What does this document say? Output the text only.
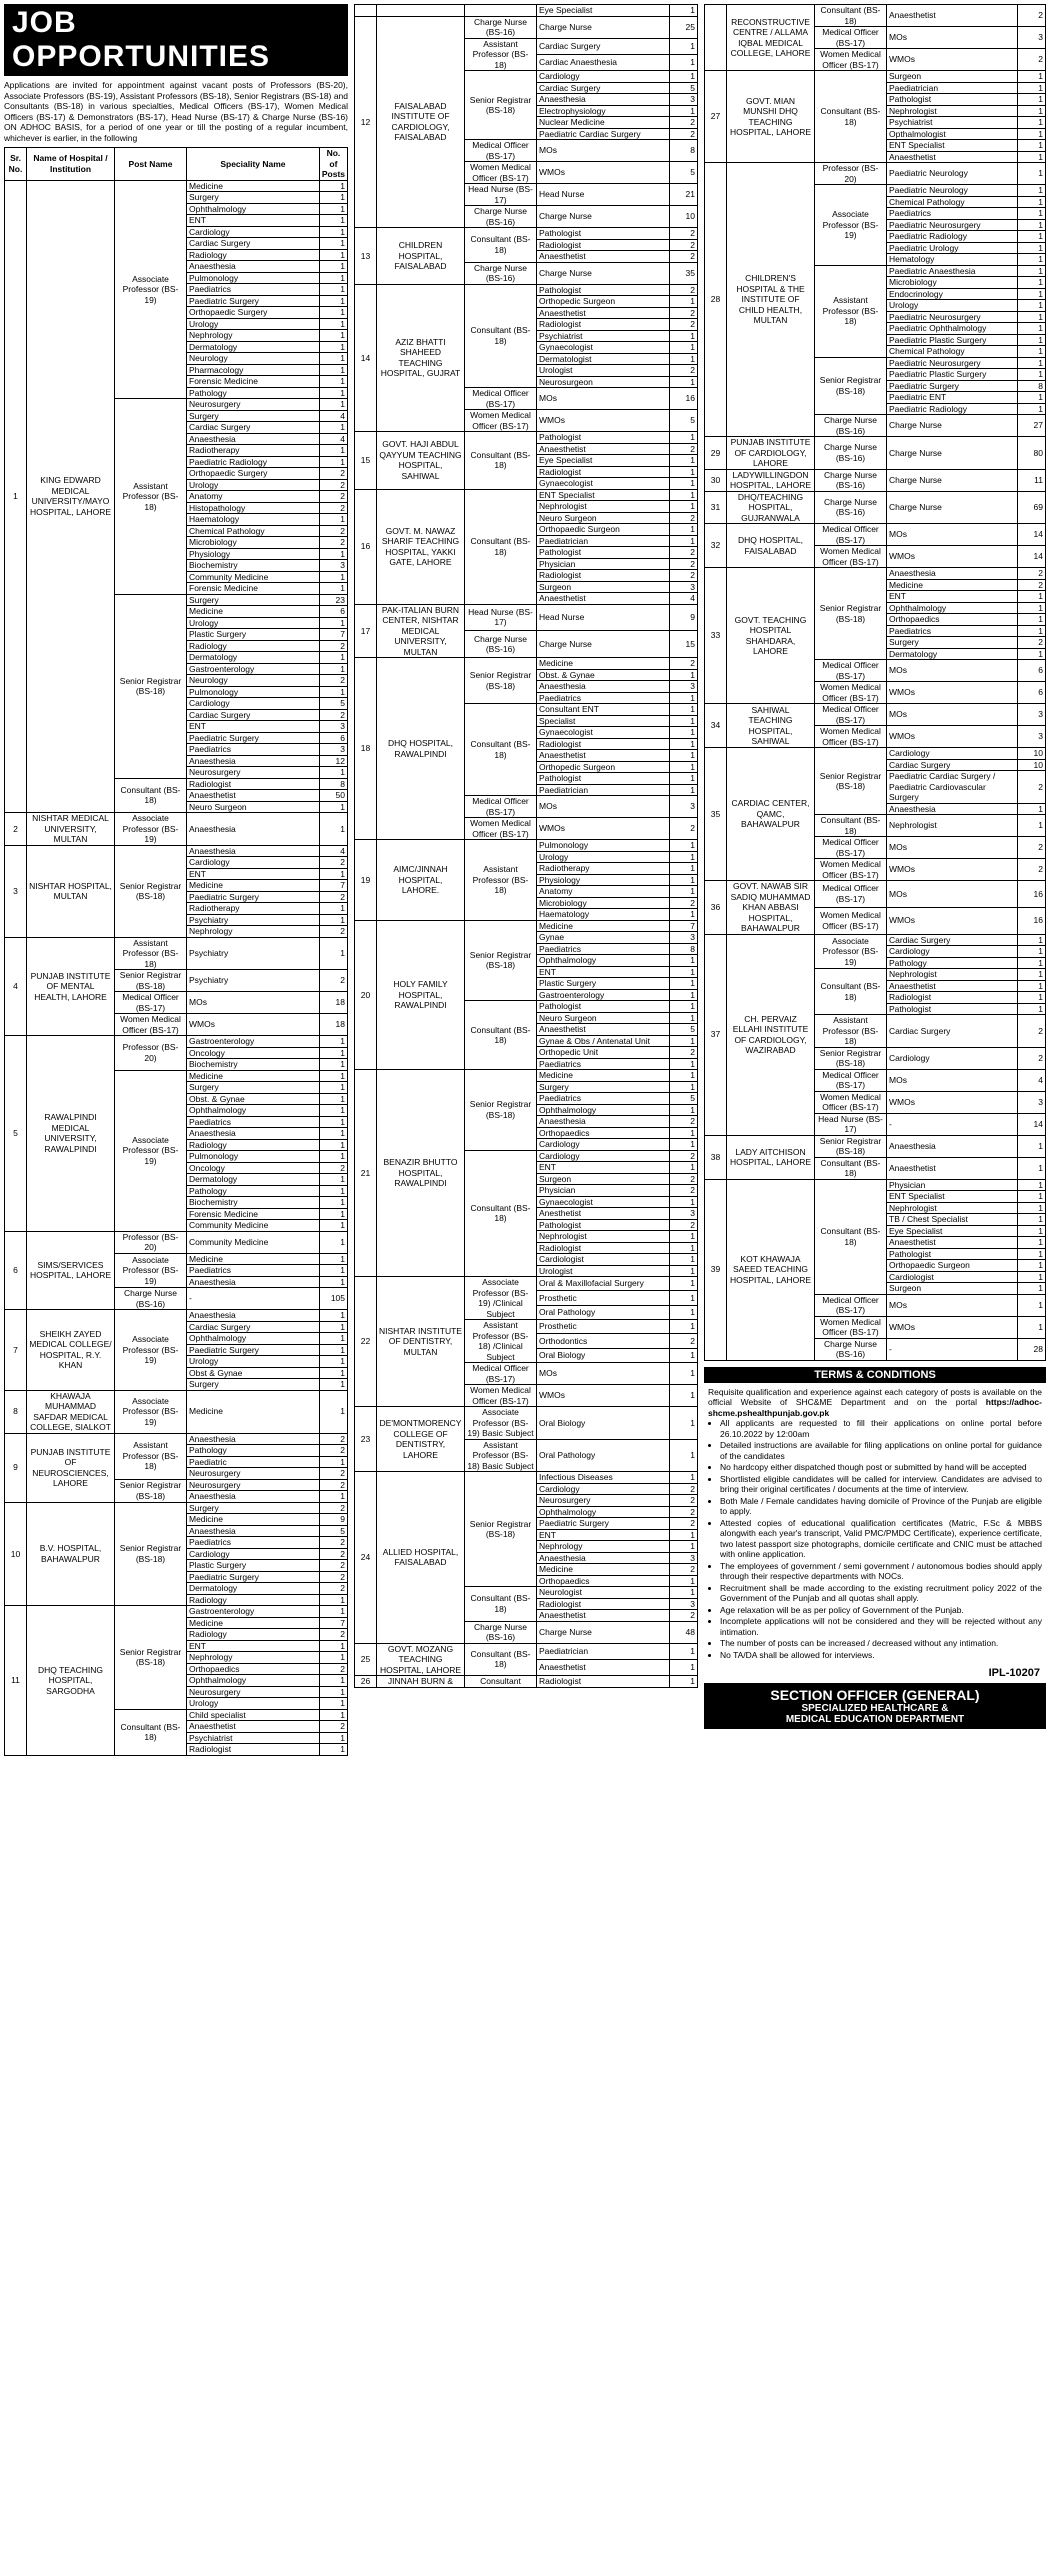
JOB OPPORTUNITIES
Applications are invited for appointment against vacant posts of Professors (BS-20), Associate Professors (BS-19), Assistant Professors (BS-18), Senior Registrars (BS-18) and Consultants (BS-18) in various specialties, Medical Officers (BS-17), Women Medical Officers (BS-17) & Demonstrators (BS-17), Head Nurse (BS-17) & Charge Nurse (BS-16) ON ADHOC BASIS, for a period of one year or till the posting of a regular incumbent, whichever is earlier, in the following
Sr. No.	Name of Hospital / Institution	Post Name	Speciality Name	No. of Posts
1	KING EDWARD MEDICAL UNIVERSITY/MAYO HOSPITAL, LAHORE	Associate Professor (BS-19)	Medicine	1
			Surgery	1
			Ophthalmology	1
			ENT	1
			Cardiology	1
			Cardiac Surgery	1
			Radiology	1
			Anaesthesia	1
			Pulmonology	1
			Paediatrics	1
			Paediatric Surgery	1
			Orthopaedic Surgery	1
			Urology	1
			Nephrology	1
			Dermatology	1
			Neurology	1
			Pharmacology	1
			Forensic Medicine	1
			Pathology	1
		Assistant Professor (BS-18)	Neurosurgery	1
			Surgery	4
			Cardiac Surgery	1
			Anaesthesia	4
			Radiotherapy	1
			Paediatric Radiology	1
			Orthopaedic Surgery	2
			Urology	2
			Anatomy	2
			Histopathology	2
			Haematology	1
			Chemical Pathology	2
			Microbiology	2
			Physiology	1
			Biochemistry	3
			Community Medicine	1
			Forensic Medicine	1
		Senior Registrar (BS-18)	Surgery	23
			Medicine	6
			Urology	1
			Plastic Surgery	7
			Radiology	2
			Dermatology	1
			Gastroenterology	1
			Neurology	2
			Pulmonology	1
			Cardiology	5
			Cardiac Surgery	2
			ENT	3
			Paediatric Surgery	6
			Paediatrics	3
			Anaesthesia	12
			Neurosurgery	1
		Consultant (BS-18)	Radiologist	8
			Anaesthetist	50
			Neuro Surgeon	1
2	NISHTAR MEDICAL UNIVERSITY, MULTAN	Associate Professor (BS-19)	Anaesthesia	1
3	NISHTAR HOSPITAL, MULTAN	Senior Registrar (BS-18)	Anaesthesia	4
			Cardiology	2
			ENT	1
			Medicine	7
			Paediatric Surgery	2
			Radiotherapy	1
			Psychiatry	1
			Nephrology	2
4	PUNJAB INSTITUTE OF MENTAL HEALTH, LAHORE	Assistant Professor (BS-18)	Psychiatry	1
		Senior Registrar (BS-18)	Psychiatry	2
		Medical Officer (BS-17)	MOs	18
		Women Medical Officer (BS-17)	WMOs	18
5	RAWALPINDI MEDICAL UNIVERSITY, RAWALPINDI	Professor (BS-20)	Gastroenterology	1
			Oncology	1
			Biochemistry	1
		Associate Professor (BS-19)	Medicine	1
			Surgery	1
			Obst. & Gynae	1
			Ophthalmology	1
			Paediatrics	1
			Anaesthesia	1
			Radiology	1
			Pulmonology	1
			Oncology	2
			Dermatology	1
			Pathology	1
			Biochemistry	1
			Forensic Medicine	1
			Community Medicine	1
6	SIMS/SERVICES HOSPITAL, LAHORE	Professor (BS-20)	Community Medicine	1
		Associate Professor (BS-19)	Medicine	1
			Paediatrics	1
			Anaesthesia	1
		Charge Nurse (BS-16)	-	105
7	SHEIKH ZAYED MEDICAL COLLEGE/ HOSPITAL, R.Y. KHAN	Associate Professor (BS-19)	Anaesthesia	1
			Cardiac Surgery	1
			Ophthalmology	1
			Paediatric Surgery	1
			Urology	1
			Obst & Gynae	1
			Surgery	1
8	KHAWAJA MUHAMMAD SAFDAR MEDICAL COLLEGE, SIALKOT	Associate Professor (BS-19)	Medicine	1
9	PUNJAB INSTITUTE OF NEUROSCIENCES, LAHORE	Assistant Professor (BS-18)	Anaesthesia	2
			Pathology	2
			Paediatric	1
			Neurosurgery	2
		Senior Registrar (BS-18)	Neurosurgery	2
			Anaesthesia	1
10	B.V. HOSPITAL, BAHAWALPUR	Senior Registrar (BS-18)	Surgery	2
			Medicine	9
			Anaesthesia	5
			Paediatrics	2
			Cardiology	2
			Plastic Surgery	2
			Paediatric Surgery	2
			Dermatology	2
			Radiology	1
11	DHQ TEACHING HOSPITAL, SARGODHA	Senior Registrar (BS-18)	Gastroenterology	1
			Medicine	7
			Radiology	2
			ENT	1
			Nephrology	1
			Orthopaedics	2
			Ophthalmology	1
			Neurosurgery	1
			Urology	1
		Consultant (BS-18)	Child specialist	1
			Anaesthetist	2
			Psychiatrist	1
			Radiologist	1
			Eye Specialist	1
12	FAISALABAD INSTITUTE OF CARDIOLOGY, FAISALABAD	Charge Nurse (BS-16)	Charge Nurse	25
		Assistant Professor (BS-18)	Cardiac Surgery	1
			Cardiac Anaesthesia	1
		Senior Registrar (BS-18)	Cardiology	1
			Cardiac Surgery	5
			Anaesthesia	3
			Electrophysiology	1
			Nuclear Medicine	2
			Paediatric Cardiac Surgery	2
		Medical Officer (BS-17)	MOs	8
		Women Medical Officer (BS-17)	WMOs	5
		Head Nurse (BS-17)	Head Nurse	21
		Charge Nurse (BS-16)	Charge Nurse	10
13	CHILDREN HOSPITAL, FAISALABAD	Consultant (BS-18)	Pathologist	2
			Radiologist	2
			Anaesthetist	2
		Charge Nurse (BS-16)	Charge Nurse	35
14	AZIZ BHATTI SHAHEED TEACHING HOSPITAL, GUJRAT	Consultant (BS-18)	Pathologist	2
			Orthopedic Surgeon	1
			Anaesthetist	2
			Radiologist	2
			Psychiatrist	1
			Gynaecologist	1
			Dermatologist	1
			Urologist	2
			Neurosurgeon	1
		Medical Officer (BS-17)	MOs	16
		Women Medical Officer (BS-17)	WMOs	5
15	GOVT. HAJI ABDUL QAYYUM TEACHING HOSPITAL, SAHIWAL	Consultant (BS-18)	Pathologist	1
			Anaesthetist	2
			Eye Specialist	1
			Radiologist	1
			Gynaecologist	1
16	GOVT. M. NAWAZ SHARIF TEACHING HOSPITAL, YAKKI GATE, LAHORE	Consultant (BS-18)	ENT Specialist	1
			Nephrologist	1
			Neuro Surgeon	2
			Orthopaedic Surgeon	1
			Paediatrician	1
			Pathologist	2
			Physician	2
			Radiologist	2
			Surgeon	3
			Anaesthetist	4
17	PAK-ITALIAN BURN CENTER, NISHTAR MEDICAL UNIVERSITY, MULTAN	Head Nurse (BS-17)	Head Nurse	9
		Charge Nurse (BS-16)	Charge Nurse	15
18	DHQ HOSPITAL, RAWALPINDI	Senior Registrar (BS-18)	Medicine	2
			Obst. & Gynae	1
			Anaesthesia	3
			Paediatrics	1
		Consultant (BS-18)	Consultant ENT	1
			Specialist	1
			Gynaecologist	1
			Radiologist	1
			Anaesthetist	1
			Orthopedic Surgeon	1
			Pathologist	1
			Paediatrician	1
		Medical Officer (BS-17)	MOs	3
		Women Medical Officer (BS-17)	WMOs	2
19	AIMC/JINNAH HOSPITAL, LAHORE.	Assistant Professor (BS-18)	Pulmonology	1
			Urology	1
			Radiotherapy	1
			Physiology	1
			Anatomy	1
			Microbiology	2
			Haematology	1
20	HOLY FAMILY HOSPITAL, RAWALPINDI	Senior Registrar (BS-18)	Medicine	7
			Gynae	3
			Paediatrics	8
			Ophthalmology	1
			ENT	1
			Plastic Surgery	1
			Gastroenterology	1
		Consultant (BS-18)	Pathologist	1
			Neuro Surgeon	1
			Anaesthetist	5
			Gynae & Obs / Antenatal Unit	1
			Orthopedic Unit	2
			Paediatrics	1
21	BENAZIR BHUTTO HOSPITAL, RAWALPINDI	Senior Registrar (BS-18)	Medicine	1
			Surgery	1
			Paediatrics	5
			Ophthalmology	1
			Anaesthesia	2
			Orthopaedics	1
			Cardiology	1
		Consultant (BS-18)	Cardiology	2
			ENT	1
			Surgeon	2
			Physician	2
			Gynaecologist	1
			Anesthetist	3
			Pathologist	2
			Nephrologist	1
			Radiologist	1
			Cardiologist	1
			Urologist	1
22	NISHTAR INSTITUTE OF DENTISTRY, MULTAN	Associate Professor (BS-19) /Clinical Subject	Oral & Maxillofacial Surgery	1
			Prosthetic	1
			Oral Pathology	1
		Assistant Professor (BS-18) /Clinical Subject	Prosthetic	1
			Orthodontics	2
			Oral Biology	1
		Medical Officer (BS-17)	MOs	1
		Women Medical Officer (BS-17)	WMOs	1
23	DE'MONTMORENCY COLLEGE OF DENTISTRY, LAHORE	Associate Professor (BS-19) Basic Subject	Oral Biology	1
		Assistant Professor (BS-18) Basic Subject	Oral Pathology	1
24	ALLIED HOSPITAL, FAISALABAD	Senior Registrar (BS-18)	Infectious Diseases	1
			Cardiology	2
			Neurosurgery	2
			Ophthalmology	2
			Paediatric Surgery	2
			ENT	1
			Nephrology	1
			Anaesthesia	3
			Medicine	2
			Orthopaedics	1
		Consultant (BS-18)	Neurologist	1
			Radiologist	3
			Anaesthetist	2
		Charge Nurse (BS-16)	Charge Nurse	48
25	GOVT. MOZANG TEACHING HOSPITAL, LAHORE	Consultant (BS-18)	Paediatrician	1
			Anaesthetist	1
26	JINNAH BURN &	Consultant	Radiologist	1
	RECONSTRUCTIVE CENTRE / ALLAMA IQBAL MEDICAL COLLEGE, LAHORE	Consultant (BS-18)	Anaesthetist	2
		Medical Officer (BS-17)	MOs	3
		Women Medical Officer (BS-17)	WMOs	2
27	GOVT. MIAN MUNSHI DHQ TEACHING HOSPITAL, LAHORE	Consultant (BS-18)	Surgeon	1
			Paediatrician	1
			Pathologist	1
			Nephrologist	1
			Psychiatrist	1
			Opthalmologist	1
			ENT Specialist	1
			Anaesthetist	1
28	CHILDREN'S HOSPITAL & THE INSTITUTE OF CHILD HEALTH, MULTAN	Professor (BS-20)	Paediatric Neurology	1
		Associate Professor (BS-19)	Paediatric Neurology	1
			Chemical Pathology	1
			Paediatrics	1
			Paediatric Neurosurgery	1
			Paediatric Radiology	1
			Paediatric Urology	1
			Hematology	1
		Assistant Professor (BS-18)	Paediatric Anaesthesia	1
			Microbiology	1
			Endocrinology	1
			Urology	1
			Paediatric Neurosurgery	1
			Paediatric Ophthalmology	1
			Paediatric Plastic Surgery	1
			Chemical Pathology	1
		Senior Registrar (BS-18)	Paediatric Neurosurgery	1
			Paediatric Plastic Surgery	1
			Paediatric Surgery	8
			Paediatric ENT	1
			Paediatric Radiology	1
		Charge Nurse (BS-16)	Charge Nurse	27
29	PUNJAB INSTITUTE OF CARDIOLOGY, LAHORE	Charge Nurse (BS-16)	Charge Nurse	80
30	LADYWILLINGDON HOSPITAL, LAHORE	Charge Nurse (BS-16)	Charge Nurse	11
31	DHQ/TEACHING HOSPITAL, GUJRANWALA	Charge Nurse (BS-16)	Charge Nurse	69
32	DHQ HOSPITAL, FAISALABAD	Medical Officer (BS-17)	MOs	14
		Women Medical Officer (BS-17)	WMOs	14
33	GOVT. TEACHING HOSPITAL SHAHDARA, LAHORE	Senior Registrar (BS-18)	Anaesthesia	2
			Medicine	2
			ENT	1
			Ophthalmology	1
			Orthopaedics	1
			Paediatrics	1
			Surgery	2
			Dermatology	1
		Medical Officer (BS-17)	MOs	6
		Women Medical Officer (BS-17)	WMOs	6
34	SAHIWAL TEACHING HOSPITAL, SAHIWAL	Medical Officer (BS-17)	MOs	3
		Women Medical Officer (BS-17)	WMOs	3
35	CARDIAC CENTER, QAMC, BAHAWALPUR	Senior Registrar (BS-18)	Cardiology	10
			Cardiac Surgery	10
			Paediatric Cardiac Surgery / Paediatric Cardiovascular Surgery	2
			Anaesthesia	1
		Consultant (BS-18)	Nephrologist	1
		Medical Officer (BS-17)	MOs	2
		Women Medical Officer (BS-17)	WMOs	2
36	GOVT. NAWAB SIR SADIQ MUHAMMAD KHAN ABBASI HOSPITAL, BAHAWALPUR	Medical Officer (BS-17)	MOs	16
		Women Medical Officer (BS-17)	WMOs	16
37	CH. PERVAIZ ELLAHI INSTITUTE OF CARDIOLOGY, WAZIRABAD	Associate Professor (BS-19)	Cardiac Surgery	1
			Cardiology	1
			Pathology	1
		Consultant (BS-18)	Nephrologist	1
			Anaesthetist	1
			Radiologist	1
			Pathologist	1
		Assistant Professor (BS-18)	Cardiac Surgery	2
		Senior Registrar (BS-18)	Cardiology	2
		Medical Officer (BS-17)	MOs	4
		Women Medical Officer (BS-17)	WMOs	3
		Head Nurse (BS-17)	-	14
38	LADY AITCHISON HOSPITAL, LAHORE	Senior Registrar (BS-18)	Anaesthesia	1
		Consultant (BS-18)	Anaesthetist	1
39	KOT KHAWAJA SAEED TEACHING HOSPITAL, LAHORE	Consultant (BS-18)	Physician	1
			ENT Specialist	1
			Nephrologist	1
			TB / Chest Specialist	1
			Eye Specialist	1
			Anaesthetist	1
			Pathologist	1
			Orthopaedic Surgeon	1
			Cardiologist	1
			Surgeon	1
		Medical Officer (BS-17)	MOs	1
		Women Medical Officer (BS-17)	WMOs	1
		Charge Nurse (BS-16)	-	28
TERMS & CONDITIONS

Requisite qualification and experience against each category of posts is available on the official Website of SHC&ME Department and on the portal https://adhoc-shcme.pshealthpunjab.gov.pk

• All applicants are requested to fill their applications on online portal before 26.10.2022 by 12:00am
• Detailed instructions are available for filing applications on online portal for guidance of the candidates
• No hardcopy either dispatched though post or submitted by hand will be accepted
• Shortlisted eligible candidates will be called for interview. Candidates are advised to bring their original certificates / documents at the time of interview.
• Both Male / Female candidates having domicile of Province of the Punjab are eligible to apply.
• Attested copies of educational qualification certificates (Matric, F.Sc & MBBS alongwith each year's transcript, Valid PMC/PMDC Certificate), experience certificate, two latest passport size photographs, domicile certificate and CNIC must be attached with online application.
• The employees of government / semi government / autonomous bodies should apply through their respective departments with NOCs.
• Recruitment shall be made according to the existing recruitment policy 2022 of the Government of the Punjab and all quotas shall apply.
• Age relaxation will be as per policy of Government of the Punjab.
• Incomplete applications will not be considered and they will be rejected without any intimation.
• The number of posts can be increased / decreased without any intimation.
• No TA/DA shall be allowed for interviews.
IPL-10207
SECTION OFFICER (GENERAL)
SPECIALIZED HEALTHCARE &
MEDICAL EDUCATION DEPARTMENT
